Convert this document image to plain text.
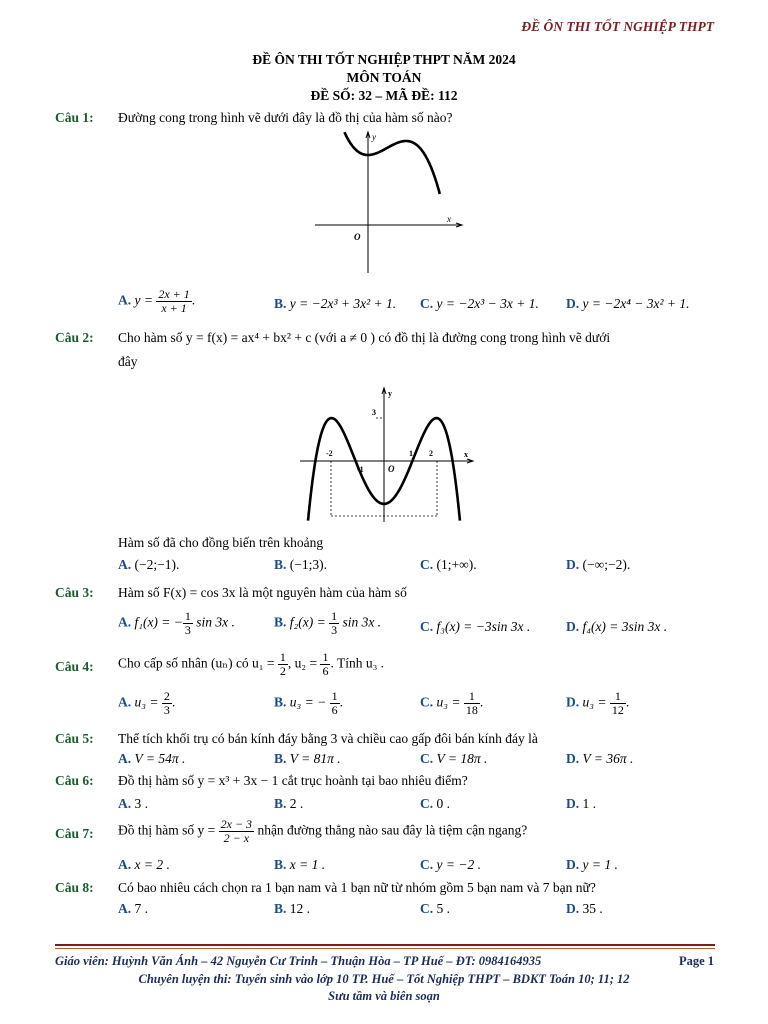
ĐỀ ÔN THI TỐT NGHIỆP THPT
ĐỀ ÔN THI TỐT NGHIỆP THPT NĂM 2024
MÔN TOÁN
ĐỀ SỐ: 32 – MÃ ĐỀ: 112
Câu 1: Đường cong trong hình vẽ dưới đây là đồ thị của hàm số nào?
y
x
O
A. $y = \frac{2x + 1}{x + 1}$ .	B. y = −2x³ + 3x² + 1. C. y = −2x³ − 3x + 1. D. y = −2x⁴ − 3x² + 1.
Câu 2: Cho hàm số y = f(x) = ax⁴ + bx² + c (với a ≠ 0 ) có đồ thị là đường cong trong hình vẽ dưới
đây
y
x
O
-2
-1
1 2
3
Hàm số đã cho đồng biến trên khoảng
A. (−2;−1).	B. (−1;3).	C. (1;+∞).	D. (−∞;−2).
Câu 3: Hàm số F(x) = cos 3x là một nguyên hàm của hàm số
A. f₁(x) = − $\frac{1}{3}$ sin 3x .	B. $f_2(x) = \frac{1}{3}$ sin 3x .	C. f₃(x) = −3sin 3x .	D. f₄(x) = 3sin 3x .
Câu 4: Cho cấp số nhân (uₙ) có $u_1 = \frac{1}{2}$ , $u_2 = \frac{1}{6}$ . Tính u₃ .
A. $u_3 = \frac{2}{3}$ .	B. u₃ = − $\frac{1}{6}$ .	C. $u_3 = \frac{1}{18}$ .	D. $u_3 = \frac{1}{12}$ .
Câu 5: Thể tích khối trụ có bán kính đáy bằng 3 và chiều cao gấp đôi bán kính đáy là
A. V = 54π .	B. V = 81π .	C. V = 18π .	D. V = 36π .
Câu 6: Đồ thị hàm số y = x³ + 3x − 1 cắt trục hoành tại bao nhiêu điểm?
A. 3 .	B. 2 .	C. 0 .	D. 1 .
Câu 7: Đồ thị hàm số $y = \frac{2x - 3}{2 - x}$ nhận đường thẳng nào sau đây là tiệm cận ngang?
A. x = 2 .	B. x = 1 .	C. y = −2 .	D. y = 1 .
Câu 8: Có bao nhiêu cách chọn ra 1 bạn nam và 1 bạn nữ từ nhóm gồm 5 bạn nam và 7 bạn nữ?
A. 7 .	B. 12 .	C. 5 .	D. 35 .
Giáo viên: Huỳnh Văn Ánh – 42 Nguyễn Cư Trinh – Thuận Hòa – TP Huế – ĐT: 0984164935	Page 1
Chuyên luyện thi: Tuyển sinh vào lớp 10 TP. Huế – Tốt Nghiệp THPT – BDKT Toán 10; 11; 12
Sưu tầm và biên soạn
